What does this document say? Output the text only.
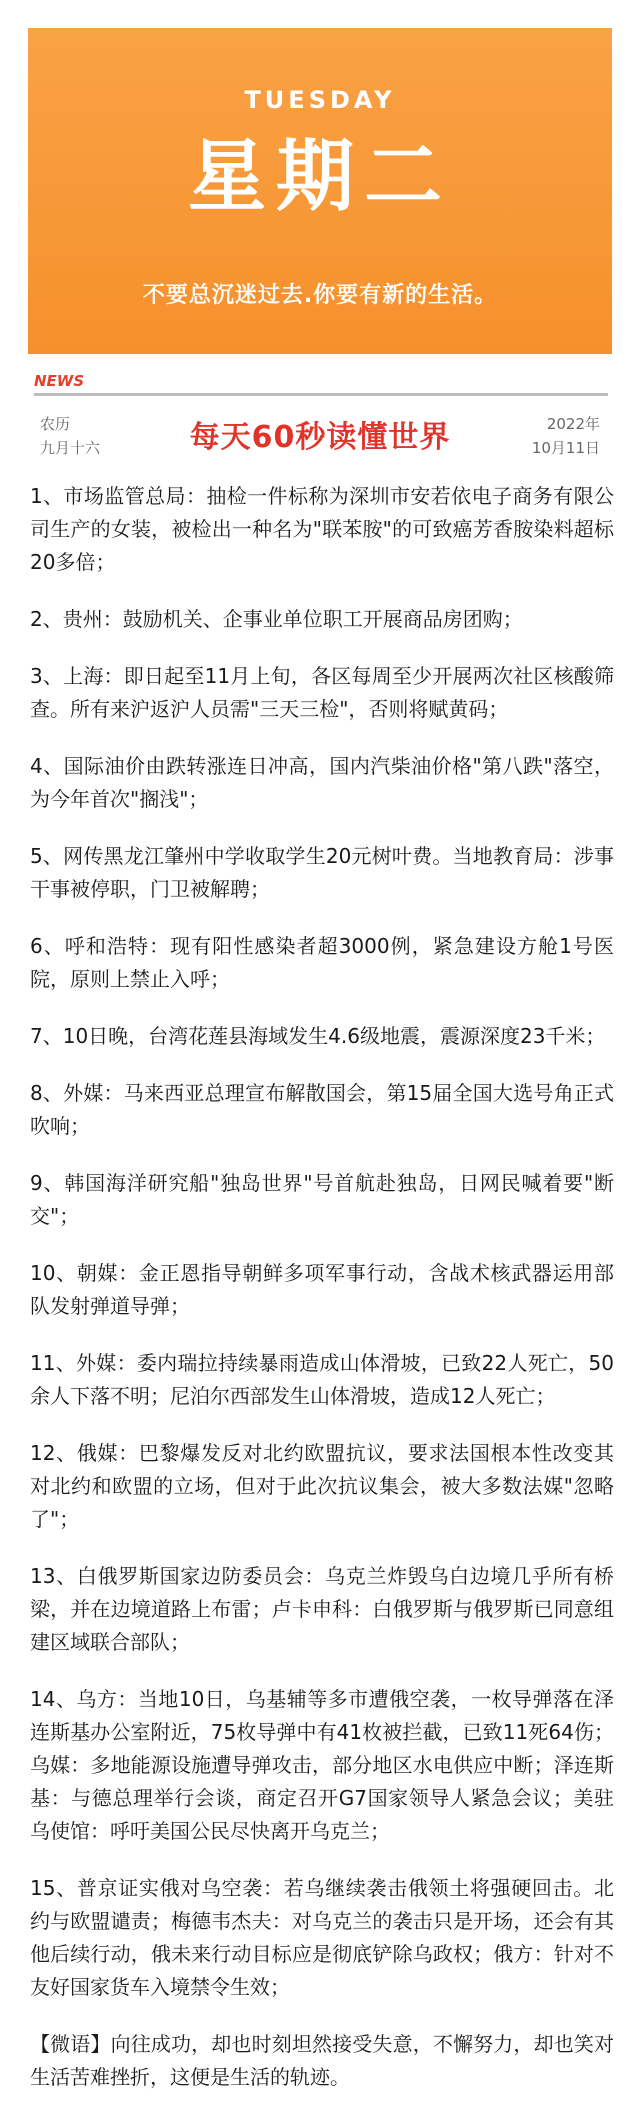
TUESDAY
星期二
不要总沉迷过去.你要有新的生活。
NEWS
农历
九月十六	每天60秒读懂世界	2022年
10月11日

1、市场监管总局：抽检一件标称为深圳市安若依电子商务有限公司生产的女装，被检出一种名为"联苯胺"的可致癌芳香胺染料超标20多倍；

2、贵州：鼓励机关、企事业单位职工开展商品房团购；

3、上海：即日起至11月上旬，各区每周至少开展两次社区核酸筛查。所有来沪返沪人员需"三天三检"，否则将赋黄码；

4、国际油价由跌转涨连日冲高，国内汽柴油价格"第八跌"落空，为今年首次"搁浅"；

5、网传黑龙江肇州中学收取学生20元树叶费。当地教育局：涉事干事被停职，门卫被解聘；

6、呼和浩特：现有阳性感染者超3000例，紧急建设方舱1号医院，原则上禁止入呼；

7、10日晚，台湾花莲县海域发生4.6级地震，震源深度23千米；

8、外媒：马来西亚总理宣布解散国会，第15届全国大选号角正式吹响；

9、韩国海洋研究船"独岛世界"号首航赴独岛，日网民喊着要"断交"；

10、朝媒：金正恩指导朝鲜多项军事行动，含战术核武器运用部队发射弹道导弹；

11、外媒：委内瑞拉持续暴雨造成山体滑坡，已致22人死亡，50余人下落不明；尼泊尔西部发生山体滑坡，造成12人死亡；

12、俄媒：巴黎爆发反对北约欧盟抗议，要求法国根本性改变其对北约和欧盟的立场，但对于此次抗议集会，被大多数法媒"忽略了"；

13、白俄罗斯国家边防委员会：乌克兰炸毁乌白边境几乎所有桥梁，并在边境道路上布雷；卢卡申科：白俄罗斯与俄罗斯已同意组建区域联合部队；

14、乌方：当地10日，乌基辅等多市遭俄空袭，一枚导弹落在泽连斯基办公室附近，75枚导弹中有41枚被拦截，已致11死64伤；乌媒：多地能源设施遭导弹攻击，部分地区水电供应中断；泽连斯基：与德总理举行会谈，商定召开G7国家领导人紧急会议；美驻乌使馆：呼吁美国公民尽快离开乌克兰；

15、普京证实俄对乌空袭：若乌继续袭击俄领土将强硬回击。北约与欧盟谴责；梅德韦杰夫：对乌克兰的袭击只是开场，还会有其他后续行动，俄未来行动目标应是彻底铲除乌政权；俄方：针对不友好国家货车入境禁令生效；

【微语】向往成功，却也时刻坦然接受失意，不懈努力，却也笑对生活苦难挫折，这便是生活的轨迹。
